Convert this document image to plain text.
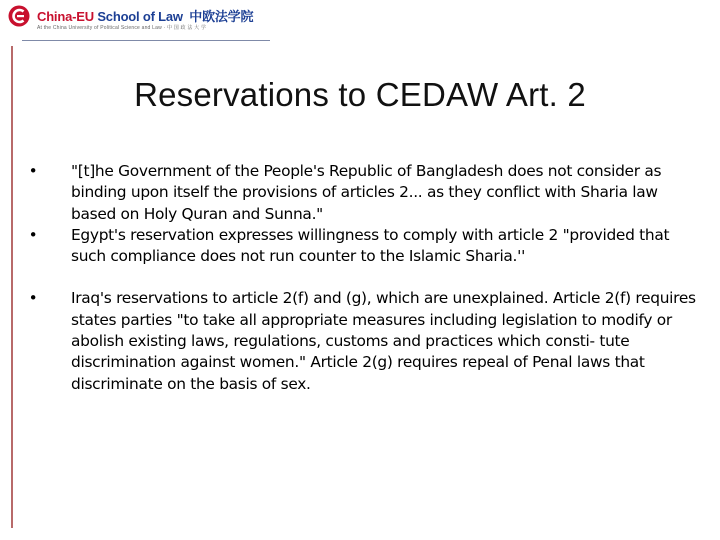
China-EU School of Law 中欧法学院
At the China University of Political Science and Law · 中 国 政 法 大 学
Reservations to CEDAW Art. 2
• "[t]he Government of the People's Republic of Bangladesh does not consider as binding upon itself the provisions of articles 2... as they conflict with Sharia law based on Holy Quran and Sunna."
• Egypt's reservation expresses willingness to comply with article 2 "provided that such compliance does not run counter to the Islamic Sharia.''
• Iraq's reservations to article 2(f) and (g), which are unexplained. Article 2(f) requires states parties "to take all appropriate measures including legislation to modify or abolish existing laws, regulations, customs and practices which consti- tute discrimination against women." Article 2(g) requires repeal of Penal laws that discriminate on the basis of sex.
